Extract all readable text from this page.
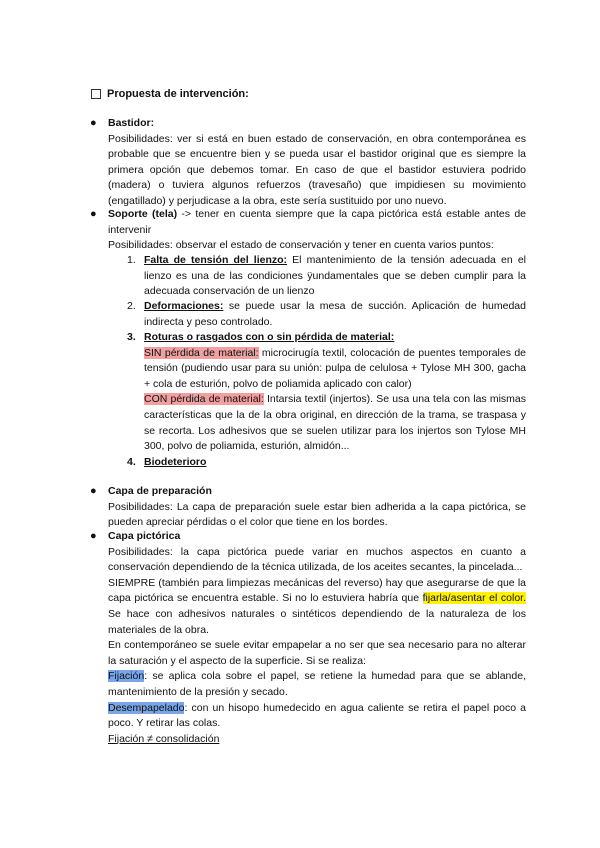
Propuesta de intervención:
● Bastidor:

Posibilidades: ver si está en buen estado de conservación, en obra contemporánea es probable que se encuentre bien y se pueda usar el bastidor original que es siempre la primera opción que debemos tomar. En caso de que el bastidor estuviera podrido (madera) o tuviera algunos refuerzos (travesaño) que impidiesen su movimiento (engatillado) y perjudicase a la obra, este sería sustituido por uno nuevo.

● Soporte (tela) -> tener en cuenta siempre que la capa pictórica está estable antes de intervenir

Posibilidades: observar el estado de conservación y tener en cuenta varios puntos:

1. Falta de tensión del lienzo: El mantenimiento de la tensión adecuada en el lienzo es una de las condiciones ÿundamentales que se deben cumplir para la adecuada conservación de un lienzo

2. Deformaciones: se puede usar la mesa de succión. Aplicación de humedad indirecta y peso controlado.

3. Roturas o rasgados con o sin pérdida de material:

SIN pérdida de material: microcirugía textil, colocación de puentes temporales de tensión (pudiendo usar para su unión: pulpa de celulosa + Tylose MH 300, gacha + cola de esturión, polvo de poliamida aplicado con calor)

CON pérdida de material: Intarsia textil (injertos). Se usa una tela con las mismas características que la de la obra original, en dirección de la trama, se traspasa y se recorta. Los adhesivos que se suelen utilizar para los injertos son Tylose MH 300, polvo de poliamida, esturión, almidón...

4. Biodeterioro

● Capa de preparación

Posibilidades: La capa de preparación suele estar bien adherida a la capa pictórica, se pueden apreciar pérdidas o el color que tiene en los bordes.

● Capa pictórica

Posibilidades: la capa pictórica puede variar en muchos aspectos en cuanto a conservación dependiendo de la técnica utilizada, de los aceites secantes, la pincelada...

SIEMPRE (también para limpiezas mecánicas del reverso) hay que asegurarse de que la capa pictórica se encuentra estable. Si no lo estuviera habría que fijarla/asentar el color. Se hace con adhesivos naturales o sintéticos dependiendo de la naturaleza de los materiales de la obra.

En contemporáneo se suele evitar empapelar a no ser que sea necesario para no alterar la saturación y el aspecto de la superficie. Si se realiza:

Fijación: se aplica cola sobre el papel, se retiene la humedad para que se ablande, mantenimiento de la presión y secado.

Desempapelado: con un hisopo humedecido en agua caliente se retira el papel poco a poco. Y retirar las colas.

Fijación ≠ consolidación
